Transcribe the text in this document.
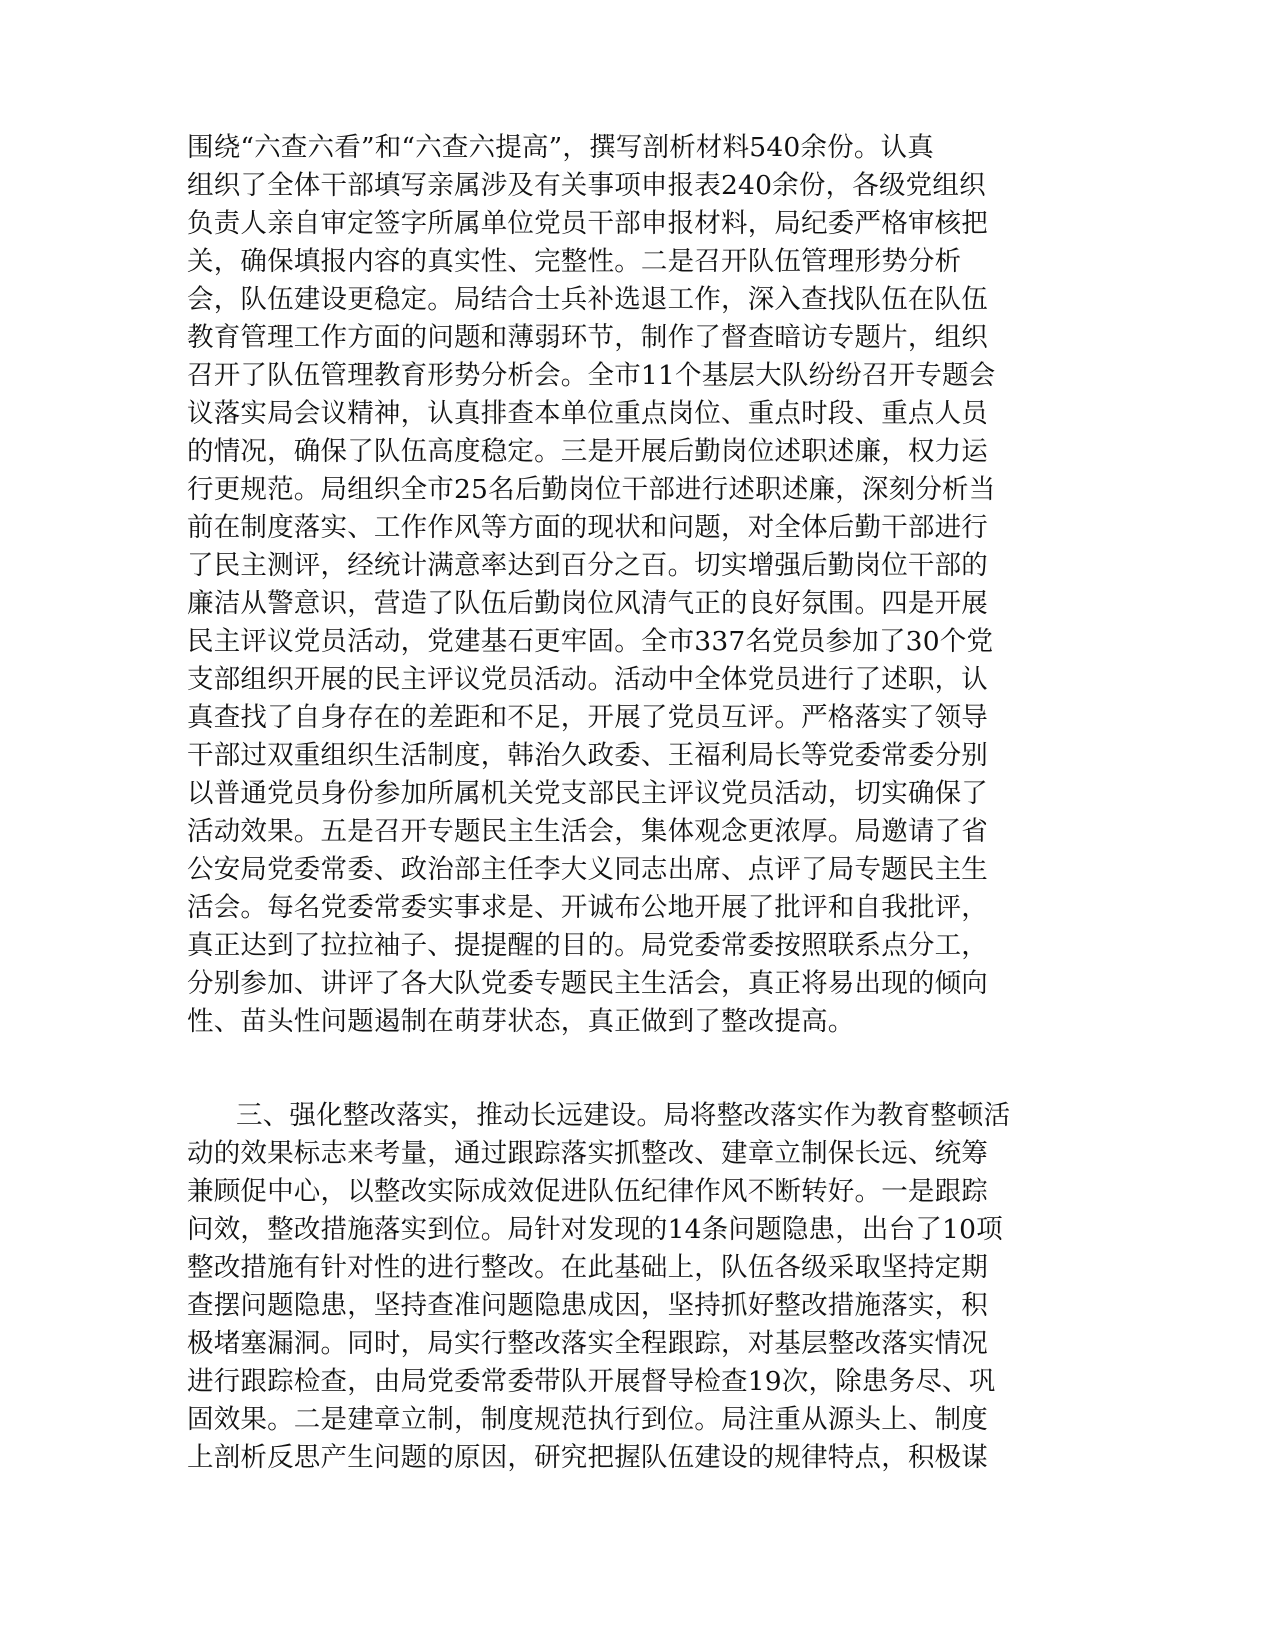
围绕“六查六看”和“六查六提高”，撰写剖析材料540余份。认真
组织了全体干部填写亲属涉及有关事项申报表240余份，各级党组织
负责人亲自审定签字所属单位党员干部申报材料，局纪委严格审核把
关，确保填报内容的真实性、完整性。二是召开队伍管理形势分析
会，队伍建设更稳定。局结合士兵补选退工作，深入查找队伍在队伍
教育管理工作方面的问题和薄弱环节，制作了督查暗访专题片，组织
召开了队伍管理教育形势分析会。全市11个基层大队纷纷召开专题会
议落实局会议精神，认真排查本单位重点岗位、重点时段、重点人员
的情况，确保了队伍高度稳定。三是开展后勤岗位述职述廉，权力运
行更规范。局组织全市25名后勤岗位干部进行述职述廉，深刻分析当
前在制度落实、工作作风等方面的现状和问题，对全体后勤干部进行
了民主测评，经统计满意率达到百分之百。切实增强后勤岗位干部的
廉洁从警意识，营造了队伍后勤岗位风清气正的良好氛围。四是开展
民主评议党员活动，党建基石更牢固。全市337名党员参加了30个党
支部组织开展的民主评议党员活动。活动中全体党员进行了述职，认
真查找了自身存在的差距和不足，开展了党员互评。严格落实了领导
干部过双重组织生活制度，韩治久政委、王福利局长等党委常委分别
以普通党员身份参加所属机关党支部民主评议党员活动，切实确保了
活动效果。五是召开专题民主生活会，集体观念更浓厚。局邀请了省
公安局党委常委、政治部主任李大义同志出席、点评了局专题民主生
活会。每名党委常委实事求是、开诚布公地开展了批评和自我批评，
真正达到了拉拉袖子、提提醒的目的。局党委常委按照联系点分工，
分别参加、讲评了各大队党委专题民主生活会，真正将易出现的倾向
性、苗头性问题遏制在萌芽状态，真正做到了整改提高。
三、强化整改落实，推动长远建设。局将整改落实作为教育整顿活
动的效果标志来考量，通过跟踪落实抓整改、建章立制保长远、统筹
兼顾促中心，以整改实际成效促进队伍纪律作风不断转好。一是跟踪
问效，整改措施落实到位。局针对发现的14条问题隐患，出台了10项
整改措施有针对性的进行整改。在此基础上，队伍各级采取坚持定期
查摆问题隐患，坚持查准问题隐患成因，坚持抓好整改措施落实，积
极堵塞漏洞。同时，局实行整改落实全程跟踪，对基层整改落实情况
进行跟踪检查，由局党委常委带队开展督导检查19次，除患务尽、巩
固效果。二是建章立制，制度规范执行到位。局注重从源头上、制度
上剖析反思产生问题的原因，研究把握队伍建设的规律特点，积极谋
